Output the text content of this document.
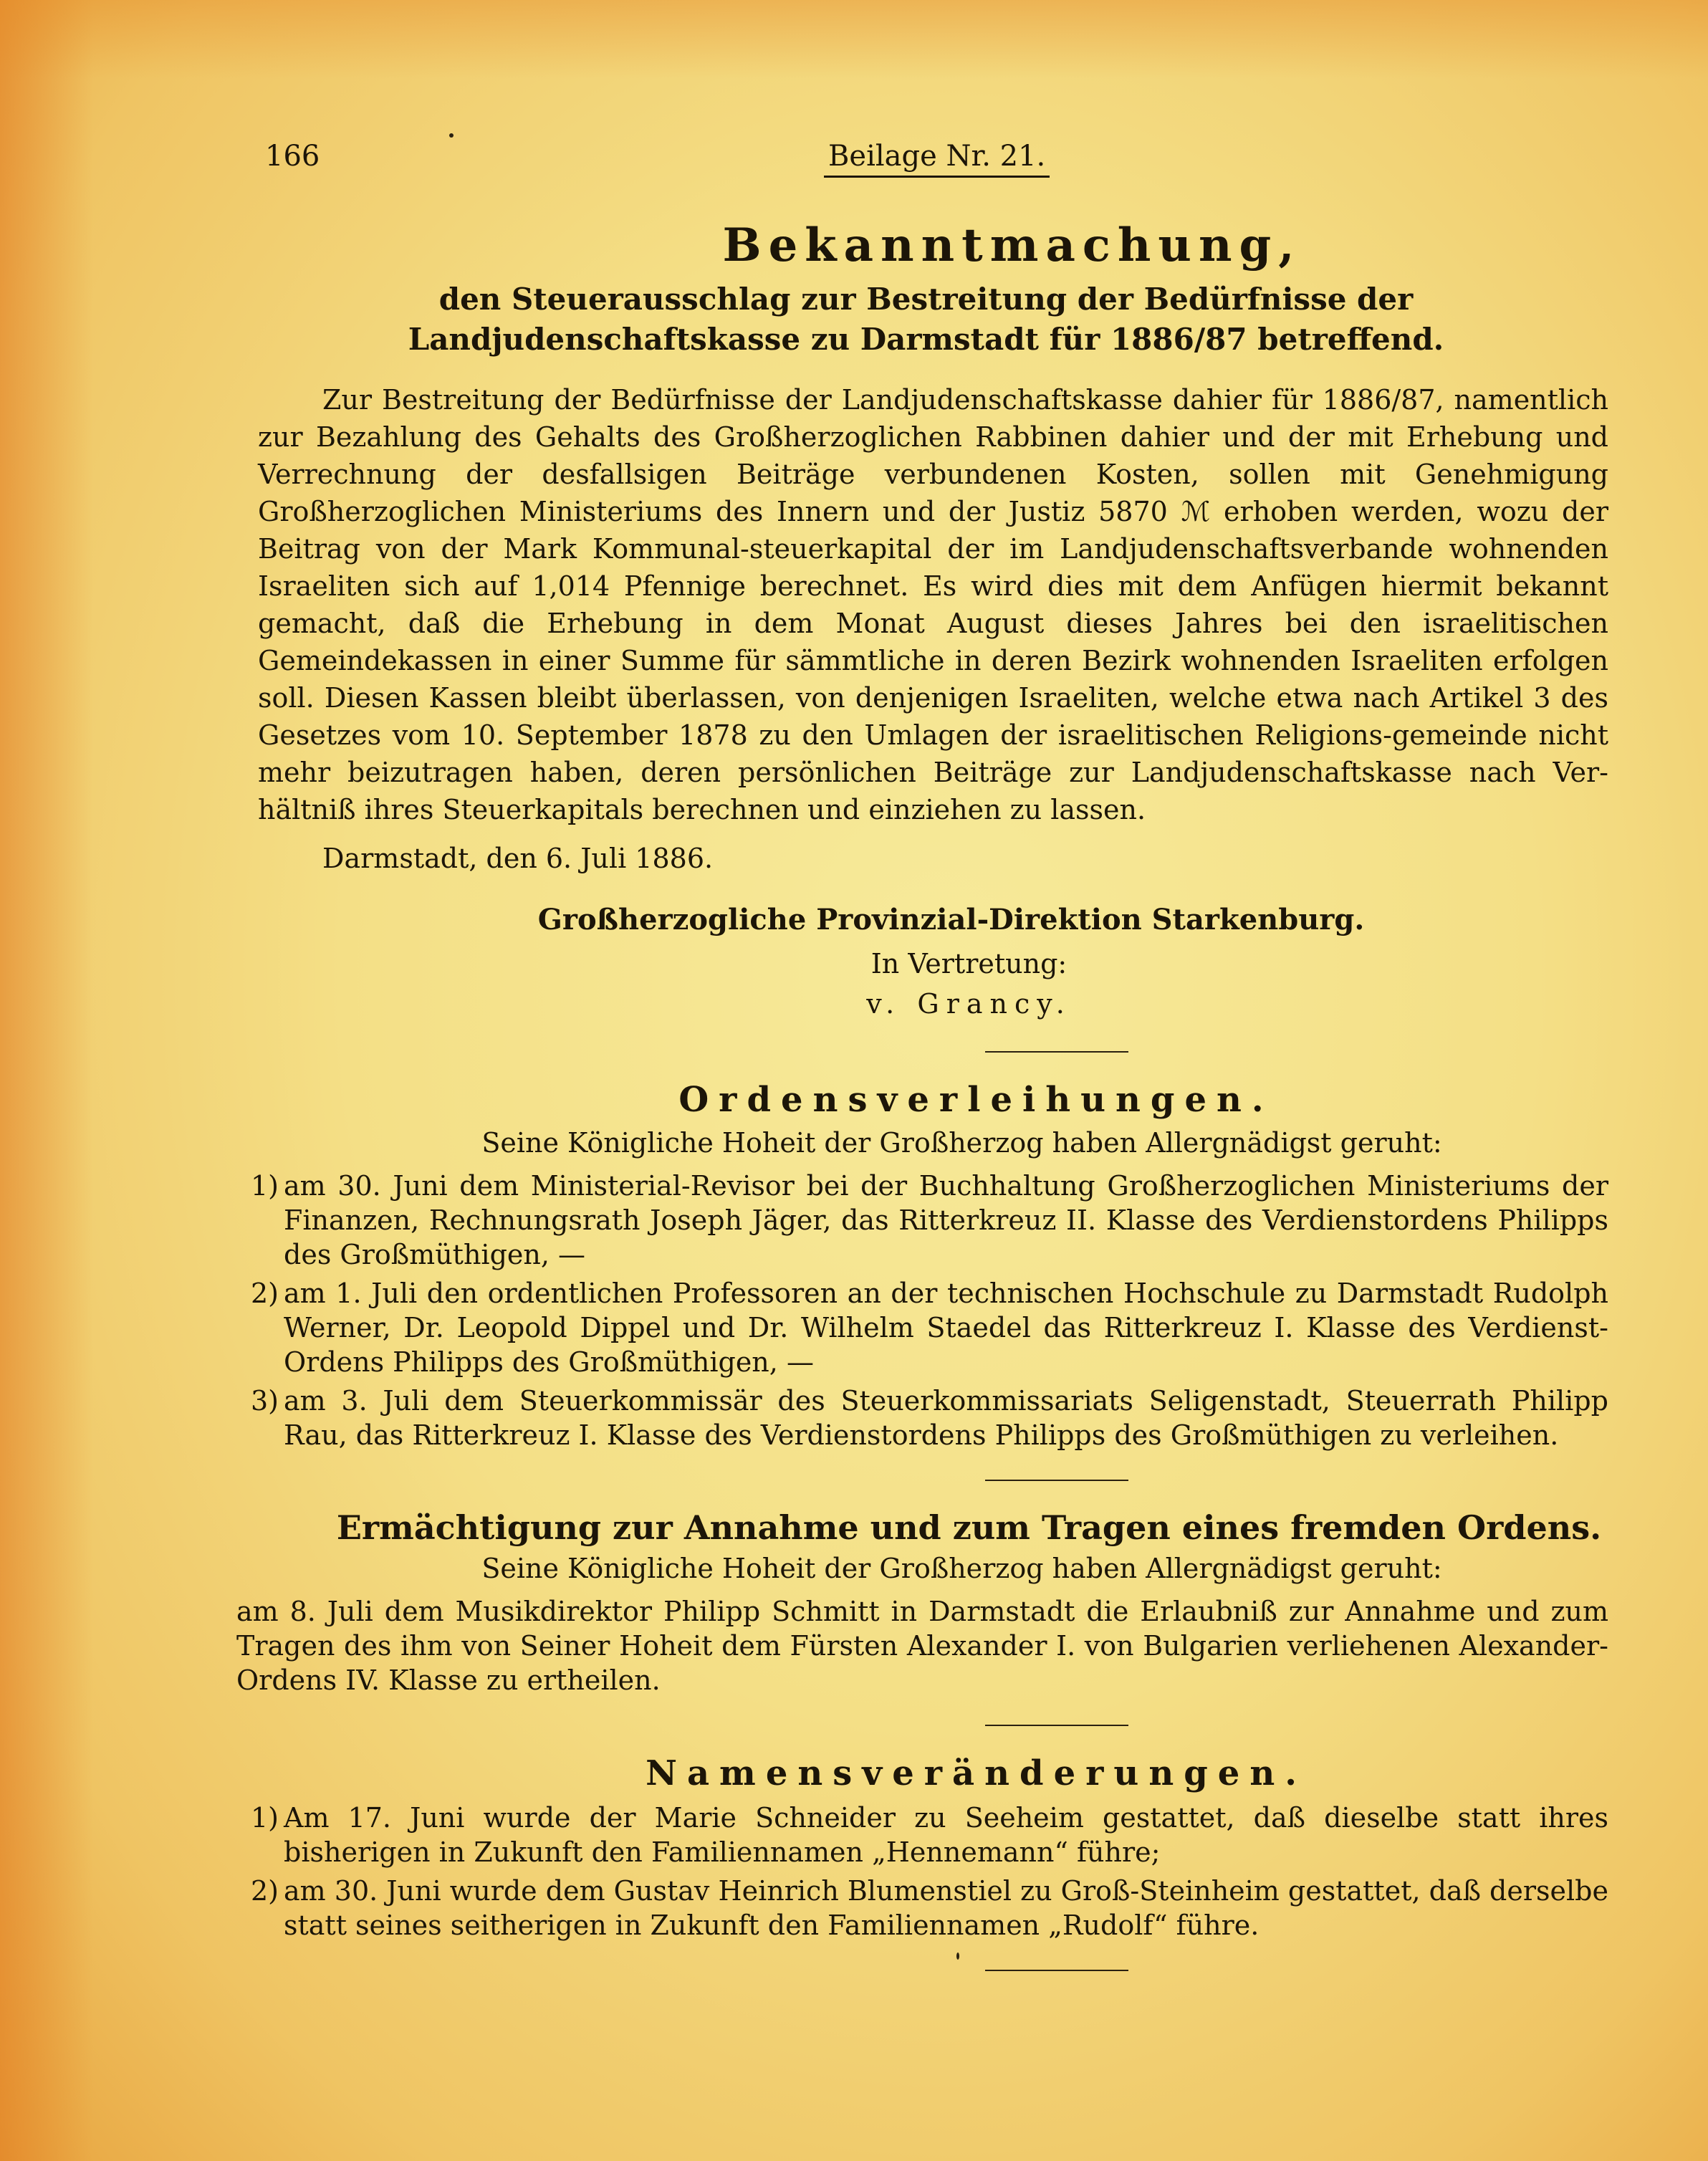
166	Beilage Nr. 21.
Bekanntmachung,
den Steuerausschlag zur Bestreitung der Bedürfnisse der Landjudenschaftskasse zu Darmstadt für 1886/87 betreffend.

Zur Bestreitung der Bedürfnisse der Landjudenschaftskasse dahier für 1886/87, namentlich zur Bezahlung des Gehalts des Großherzoglichen Rabbinen dahier und der mit Erhebung und Verrechnung der desfallsigen Beiträge verbundenen Kosten, sollen mit Genehmigung Großherzoglichen Ministeriums des Innern und der Justiz 5870 ℳ erhoben werden, wozu der Beitrag von der Mark Kommunal-steuerkapital der im Landjudenschaftsverbande wohnenden Israeliten sich auf 1,014 Pfennige berechnet. Es wird dies mit dem Anfügen hiermit bekannt gemacht, daß die Erhebung in dem Monat August dieses Jahres bei den israelitischen Gemeindekassen in einer Summe für sämmtliche in deren Bezirk wohnenden Israeliten erfolgen soll. Diesen Kassen bleibt überlassen, von denjenigen Israeliten, welche etwa nach Artikel 3 des Gesetzes vom 10. September 1878 zu den Umlagen der israelitischen Religions-gemeinde nicht mehr beizutragen haben, deren persönlichen Beiträge zur Landjudenschaftskasse nach Ver-hältniß ihres Steuerkapitals berechnen und einziehen zu lassen.

Darmstadt, den 6. Juli 1886.
Großherzogliche Provinzial-Direktion Starkenburg.
In Vertretung:
v. Grancy.
Ordensverleihungen.
Seine Königliche Hoheit der Großherzog haben Allergnädigst geruht:
1) am 30. Juni dem Ministerial-Revisor bei der Buchhaltung Großherzoglichen Ministeriums der Finanzen, Rechnungsrath Joseph Jäger, das Ritterkreuz II. Klasse des Verdienstordens Philipps des Großmüthigen, —
2) am 1. Juli den ordentlichen Professoren an der technischen Hochschule zu Darmstadt Rudolph Werner, Dr. Leopold Dippel und Dr. Wilhelm Staedel das Ritterkreuz I. Klasse des Verdienst-Ordens Philipps des Großmüthigen, —
3) am 3. Juli dem Steuerkommissär des Steuerkommissariats Seligenstadt, Steuerrath Philipp Rau, das Ritterkreuz I. Klasse des Verdienstordens Philipps des Großmüthigen zu verleihen.
Ermächtigung zur Annahme und zum Tragen eines fremden Ordens.
Seine Königliche Hoheit der Großherzog haben Allergnädigst geruht:
am 8. Juli dem Musikdirektor Philipp Schmitt in Darmstadt die Erlaubniß zur Annahme und zum Tragen des ihm von Seiner Hoheit dem Fürsten Alexander I. von Bulgarien verliehenen Alexander-Ordens IV. Klasse zu ertheilen.
Namensveränderungen.
1) Am 17. Juni wurde der Marie Schneider zu Seeheim gestattet, daß dieselbe statt ihres bisherigen in Zukunft den Familiennamen „Hennemann“ führe;
2) am 30. Juni wurde dem Gustav Heinrich Blumenstiel zu Groß-Steinheim gestattet, daß derselbe statt seines seitherigen in Zukunft den Familiennamen „Rudolf“ führe.
